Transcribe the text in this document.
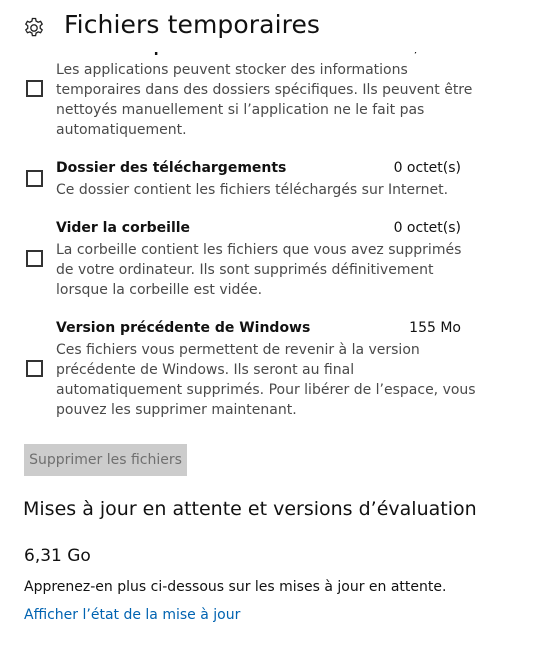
Les applications peuvent stocker des informations temporaires dans des dossiers spécifiques. Ils peuvent être nettoyés manuellement si l’application ne le fait pas automatiquement.
Dossier des téléchargements	0 octet(s)
Ce dossier contient les fichiers téléchargés sur Internet.
Vider la corbeille	0 octet(s)
La corbeille contient les fichiers que vous avez supprimés de votre ordinateur. Ils sont supprimés définitivement lorsque la corbeille est vidée.
Version précédente de Windows	155 Mo
Ces fichiers vous permettent de revenir à la version précédente de Windows. Ils seront au final automatiquement supprimés. Pour libérer de l’espace, vous pouvez les supprimer maintenant.
Fichiers temporaires
Supprimer les fichiers
Mises à jour en attente et versions d’évaluation
6,31 Go
Apprenez-en plus ci-dessous sur les mises à jour en attente.
Afficher l’état de la mise à jour
